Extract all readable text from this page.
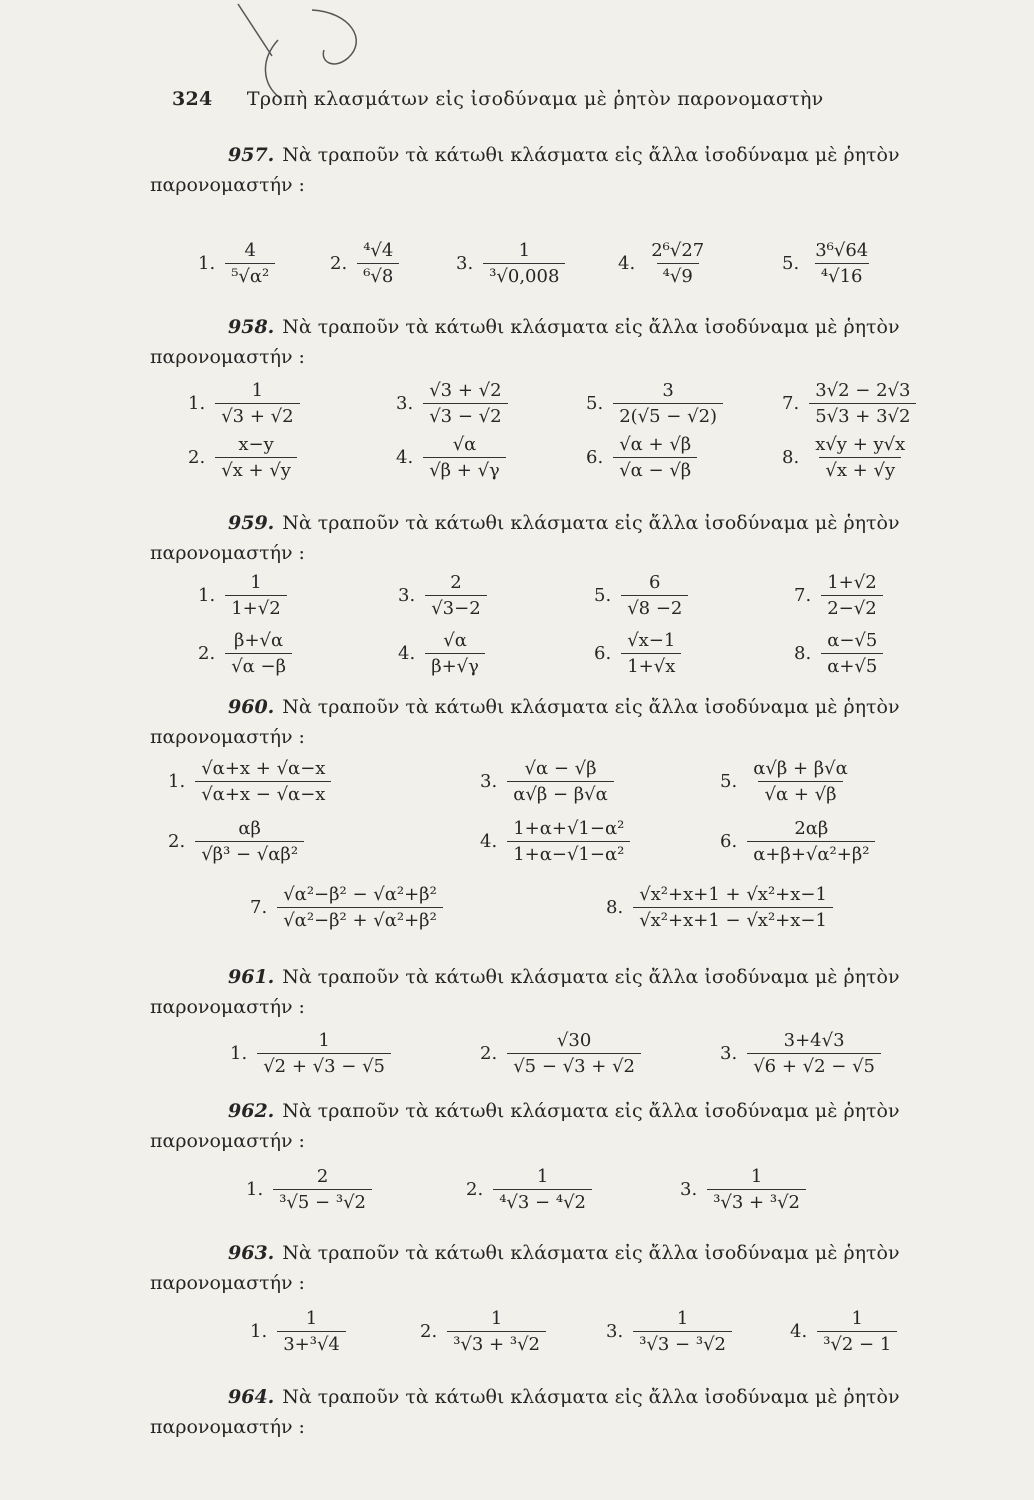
324 Τροπὴ κλασμάτων εἰς ἰσοδύναμα μὲ ῥητὸν παρονομαστὴν
957. Νὰ τραποῦν τὰ κάτωθι κλάσματα εἰς ἄλλα ἰσοδύναμα μὲ ῥητὸν
παρονομαστήν :
1. $\frac{4}{\text{⁵√α²}}$	2. $\frac{\text{⁴√4}}{\text{⁶√8}}$	3. $\frac{1}{\text{³√0,008}}$	4. $\frac{\text{2⁶√27}}{\text{⁴√9}}$	5. $\frac{\text{3⁶√64}}{\text{⁴√16}}$
958. Νὰ τραποῦν τὰ κάτωθι κλάσματα εἰς ἄλλα ἰσοδύναμα μὲ ῥητὸν
παρονομαστήν :
1. $\frac{1}{√3 + √2}$	3. $\frac{√3 + √2}{√3 - √2}$	5. $\frac{3}{2(√5 - √2)}$	7. $\frac{3√2 - 2√3}{5√3 + 3√2}$
2. $\frac{x-y}{√x + √y}$	4. $\frac{√\alpha}{√\beta + √\gamma}$	6. $\frac{√\alpha + √\beta}{√\alpha - √\beta}$	8. $\frac{x√y + y√x}{√x + √y}$
959. Νὰ τραποῦν τὰ κάτωθι κλάσματα εἰς ἄλλα ἰσοδύναμα μὲ ῥητὸν
παρονομαστήν :
1. $\frac{1}{1+√2}$	3. $\frac{2}{√3-2}$	5. $\frac{6}{√8 -2}$	7. $\frac{1+√2}{2-√2}$
2. $\frac{\beta+√\alpha}{√\alpha -\beta}$	4. $\frac{√\alpha}{\beta+√\gamma}$	6. $\frac{√x-1}{1+√x}$	8. $\frac{\alpha-√5}{\alpha+√5}$
960. Νὰ τραποῦν τὰ κάτωθι κλάσματα εἰς ἄλλα ἰσοδύναμα μὲ ῥητὸν
παρονομαστήν :
1. $\frac{√\alpha+x + √\alpha-x}{√\alpha+x - √\alpha-x}$	3. $\frac{√\alpha - √\beta}{\alpha√\beta - \beta√\alpha}$	5. $\frac{\alpha√\beta + \beta√\alpha}{√\alpha + √\beta}$
2. $\frac{\alpha\beta}{\text{√β³ − √αβ²}}$	4. $\frac{\text{1+α+√1−α²}}{\text{1+α−√1−α²}}$	6. $\frac{2\alpha\beta}{\text{α+β+√α²+β²}}$
7. $\frac{\text{√α²−β² − √α²+β²}}{\text{√α²−β² + √α²+β²}}$	8. $\frac{\text{√x²+x+1 + √x²+x−1}}{\text{√x²+x+1 − √x²+x−1}}$
961. Νὰ τραποῦν τὰ κάτωθι κλάσματα εἰς ἄλλα ἰσοδύναμα μὲ ῥητὸν
παρονομαστήν :
1. $\frac{1}{√2 + √3 - √5}$	2. $\frac{√30}{√5 - √3 + √2}$	3. $\frac{3+4√3}{√6 + √2 - √5}$
962. Νὰ τραποῦν τὰ κάτωθι κλάσματα εἰς ἄλλα ἰσοδύναμα μὲ ῥητὸν
παρονομαστήν :
1. $\frac{2}{\text{³√5 − ³√2}}$	2. $\frac{1}{\text{⁴√3 − ⁴√2}}$	3. $\frac{1}{\text{³√3 + ³√2}}$
963. Νὰ τραποῦν τὰ κάτωθι κλάσματα εἰς ἄλλα ἰσοδύναμα μὲ ῥητὸν
παρονομαστήν :
1. $\frac{1}{\text{3+³√4}}$	2. $\frac{1}{\text{³√3 + ³√2}}$	3. $\frac{1}{\text{³√3 − ³√2}}$	4. $\frac{1}{\text{³√2 − 1}}$
964. Νὰ τραποῦν τὰ κάτωθι κλάσματα εἰς ἄλλα ἰσοδύναμα μὲ ῥητὸν
παρονομαστήν :
